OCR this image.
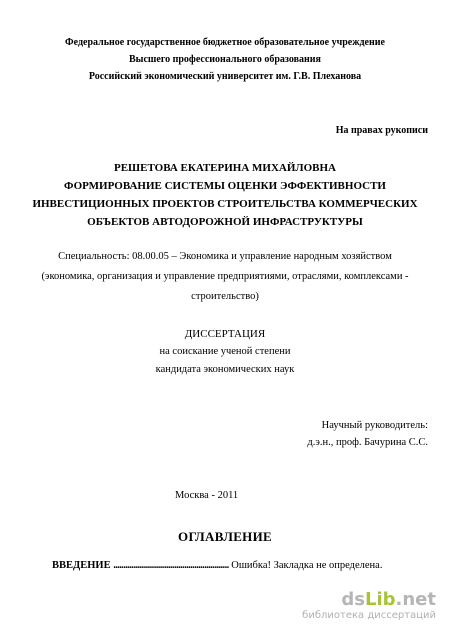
Федеральное государственное бюджетное образовательное учреждение
Высшего профессионального образования
Российский экономический университет им. Г.В. Плеханова
На правах рукописи
РЕШЕТОВА ЕКАТЕРИНА МИХАЙЛОВНА
ФОРМИРОВАНИЕ СИСТЕМЫ ОЦЕНКИ ЭФФЕКТИВНОСТИ
ИНВЕСТИЦИОННЫХ ПРОЕКТОВ СТРОИТЕЛЬСТВА КОММЕРЧЕСКИХ
ОБЪЕКТОВ АВТОДОРОЖНОЙ ИНФРАСТРУКТУРЫ
Специальность: 08.00.05 – Экономика и управление народным хозяйством
(экономика, организация и управление предприятиями, отраслями, комплексами -
строительство)
ДИССЕРТАЦИЯ
на соискание ученой степени
кандидата экономических наук
Научный руководитель:
д.э.н., проф. Бачурина С.С.
Москва - 2011
ОГЛАВЛЕНИЕ
ВВЕДЕНИЕ ......................................................... Ошибка! Закладка не определена.
dsLib.net
библиотека диссертаций
